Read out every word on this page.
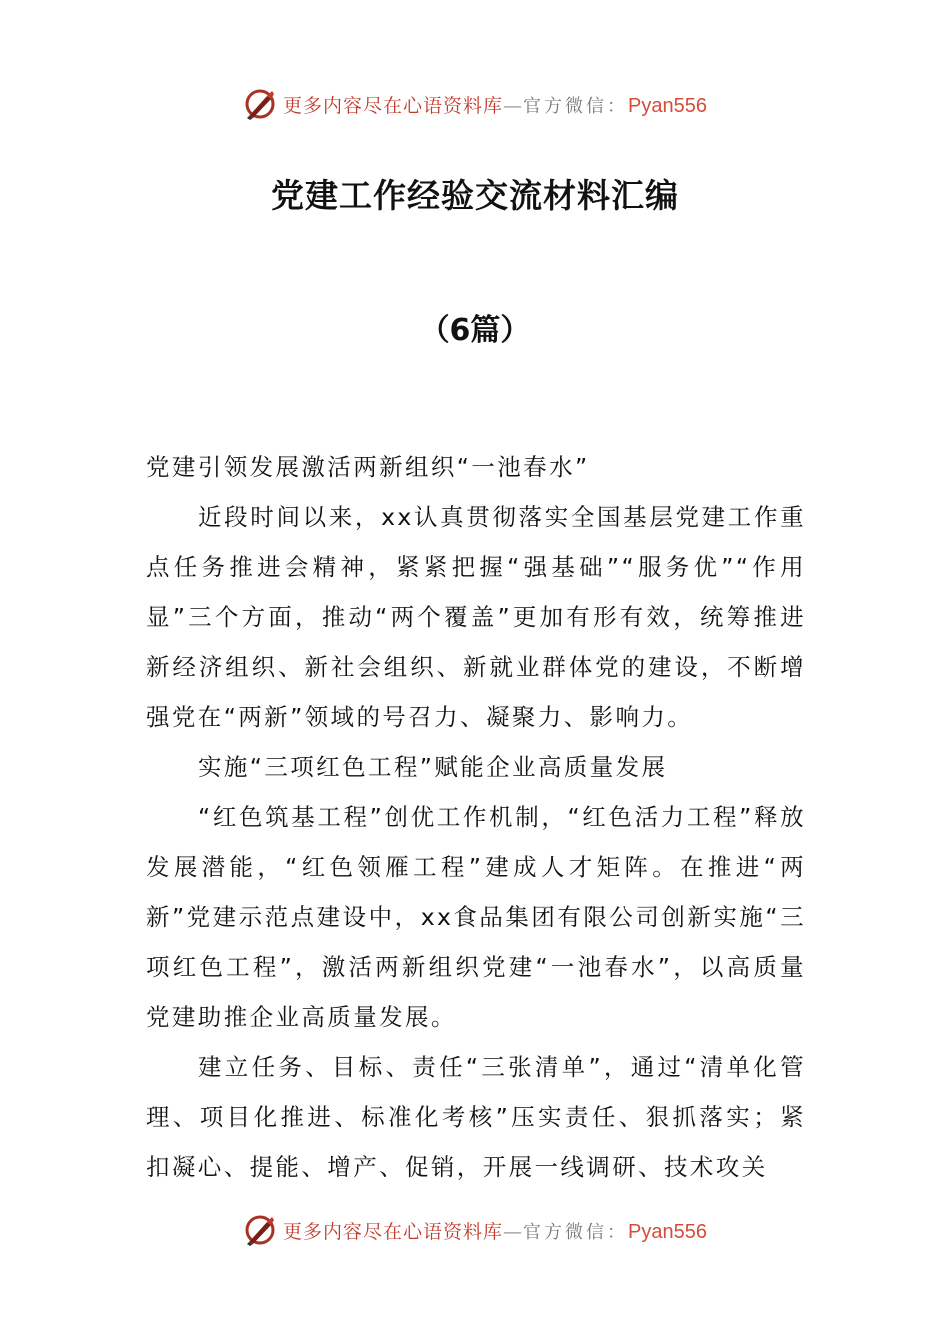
更多内容尽在心语资料库—官方微信：Pyan556
党建工作经验交流材料汇编
（6篇）

党建引领发展激活两新组织“一池春水”

近段时间以来，xx认真贯彻落实全国基层党建工作重点任务推进会精神，紧紧把握“强基础”“服务优”“作用显”三个方面，推动“两个覆盖”更加有形有效，统筹推进新经济组织、新社会组织、新就业群体党的建设，不断增强党在“两新”领域的号召力、凝聚力、影响力。

实施“三项红色工程”赋能企业高质量发展

“红色筑基工程”创优工作机制，“红色活力工程”释放发展潜能，“红色领雁工程”建成人才矩阵。在推进“两新”党建示范点建设中，xx食品集团有限公司创新实施“三项红色工程”，激活两新组织党建“一池春水”，以高质量党建助推企业高质量发展。

建立任务、目标、责任“三张清单”，通过“清单化管理、项目化推进、标准化考核”压实责任、狠抓落实；紧扣凝心、提能、增产、促销，开展一线调研、技术攻关

更多内容尽在心语资料库—官方微信：Pyan556
